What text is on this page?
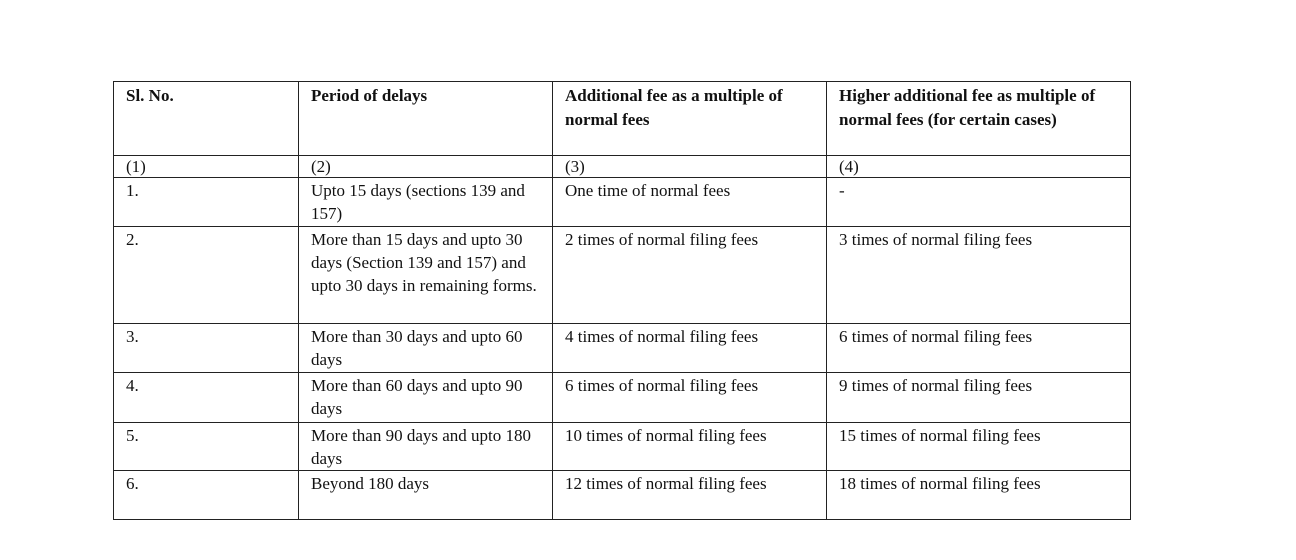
Sl. No.	Period of delays	Additional fee as a multiple of normal fees	Higher additional fee as multiple of normal fees (for certain cases)
(1)	(2)	(3)	(4)
1.	Upto 15 days (sections 139 and 157)	One time of normal fees	-
2.	More than 15 days and upto 30 days (Section 139 and 157) and upto 30 days in remaining forms.	2 times of normal filing fees	3 times of normal filing fees
3.	More than 30 days and upto 60 days	4 times of normal filing fees	6 times of normal filing fees
4.	More than 60 days and upto 90 days	6 times of normal filing fees	9 times of normal filing fees
5.	More than 90 days and upto 180 days	10 times of normal filing fees	15 times of normal filing fees
6.	Beyond 180 days	12 times of normal filing fees	18 times of normal filing fees
